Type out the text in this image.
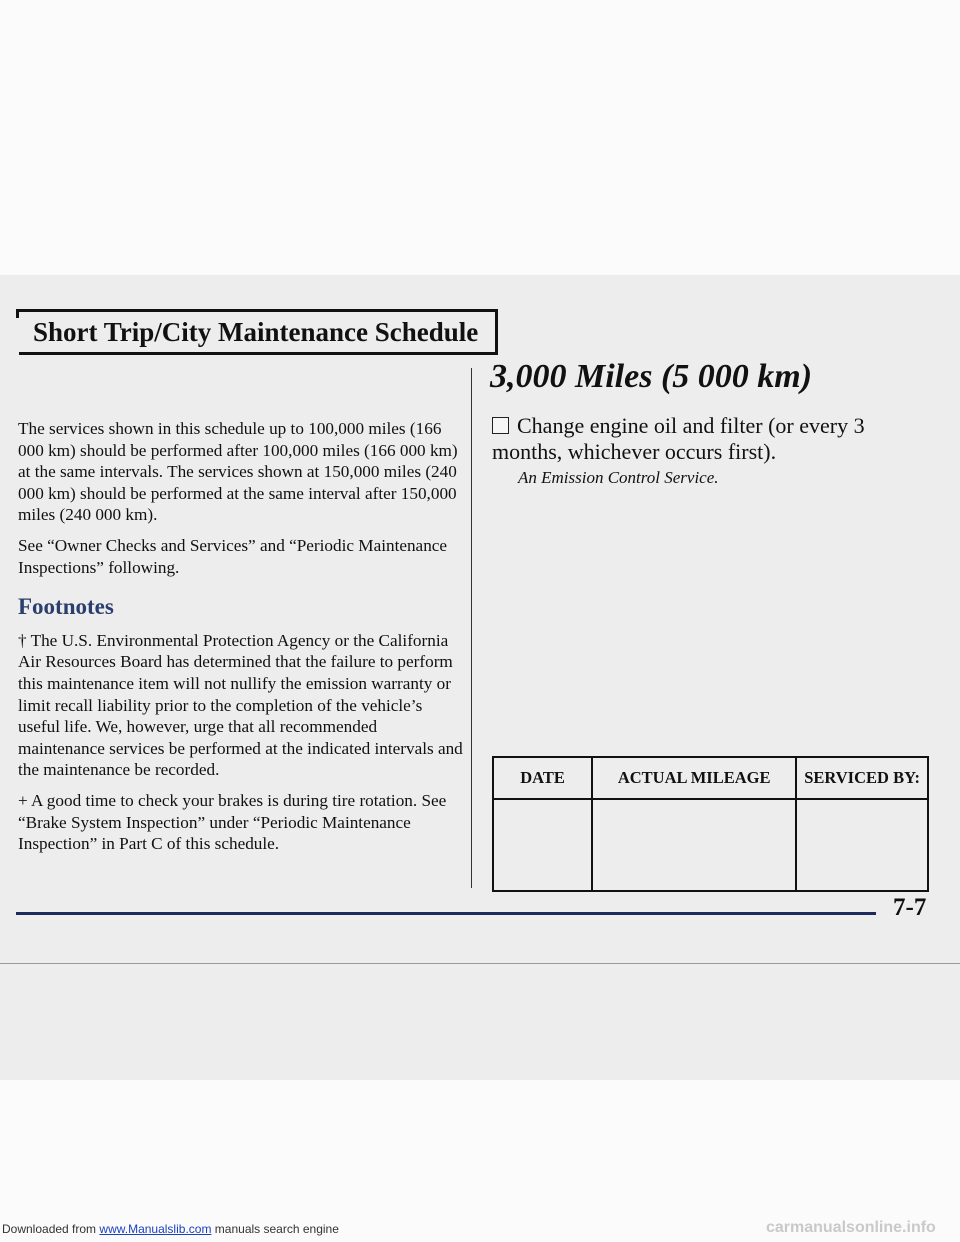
Short Trip/City Maintenance Schedule

The services shown in this schedule up to 100,000 miles (166 000 km) should be performed after 100,000 miles (166 000 km) at the same intervals. The services shown at 150,000 miles (240 000 km) should be performed at the same interval after 150,000 miles (240 000 km).

See “Owner Checks and Services” and “Periodic Maintenance Inspections” following.

Footnotes

† The U.S. Environmental Protection Agency or the California Air Resources Board has determined that the failure to perform this maintenance item will not nullify the emission warranty or limit recall liability prior to the completion of the vehicle’s useful life. We, however, urge that all recommended maintenance services be performed at the indicated intervals and the maintenance be recorded.

+ A good time to check your brakes is during tire rotation. See “Brake System Inspection” under “Periodic Maintenance Inspection” in Part C of this schedule.

3,000 Miles (5 000 km)
Change engine oil and filter (or every 3 months, whichever occurs first).
An Emission Control Service.
DATE	ACTUAL MILEAGE	SERVICED BY:

7-7
Downloaded from www.Manualslib.com manuals search engine	carmanualsonline.info
